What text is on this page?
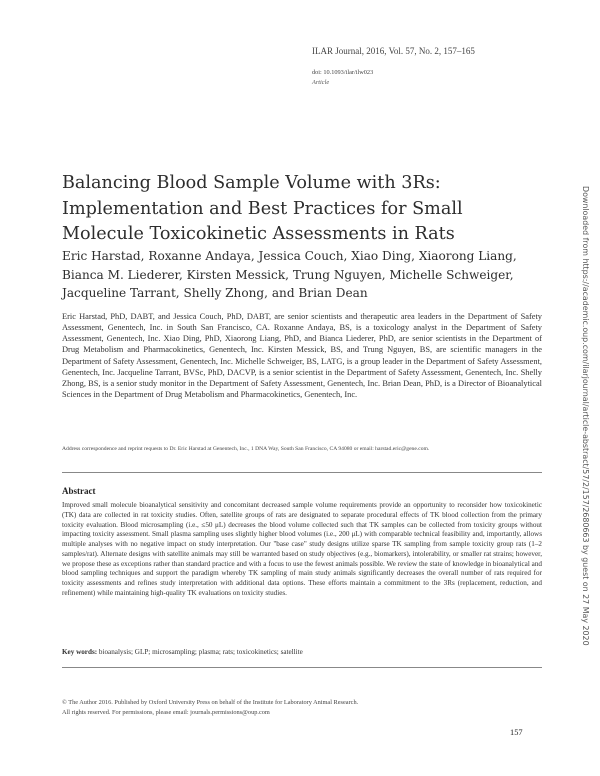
ILAR Journal, 2016, Vol. 57, No. 2, 157–165
doi: 10.1093/ilar/ilw023
Article
Balancing Blood Sample Volume with 3Rs: Implementation and Best Practices for Small Molecule Toxicokinetic Assessments in Rats
Eric Harstad, Roxanne Andaya, Jessica Couch, Xiao Ding, Xiaorong Liang, Bianca M. Liederer, Kirsten Messick, Trung Nguyen, Michelle Schweiger, Jacqueline Tarrant, Shelly Zhong, and Brian Dean
Eric Harstad, PhD, DABT, and Jessica Couch, PhD, DABT, are senior scientists and therapeutic area leaders in the Department of Safety Assessment, Genentech, Inc. in South San Francisco, CA. Roxanne Andaya, BS, is a toxicology analyst in the Department of Safety Assessment, Genentech, Inc. Xiao Ding, PhD, Xiaorong Liang, PhD, and Bianca Liederer, PhD, are senior scientists in the Department of Drug Metabolism and Pharmacokinetics, Genentech, Inc. Kirsten Messick, BS, and Trung Nguyen, BS, are scientific managers in the Department of Safety Assessment, Genentech, Inc. Michelle Schweiger, BS, LATG, is a group leader in the Department of Safety Assessment, Genentech, Inc. Jacqueline Tarrant, BVSc, PhD, DACVP, is a senior scientist in the Department of Safety Assessment, Genentech, Inc. Shelly Zhong, BS, is a senior study monitor in the Department of Safety Assessment, Genentech, Inc. Brian Dean, PhD, is a Director of Bioanalytical Sciences in the Department of Drug Metabolism and Pharmacokinetics, Genentech, Inc.
Address correspondence and reprint requests to Dr. Eric Harstad at Genentech, Inc., 1 DNA Way, South San Francisco, CA 94080 or email: harstad.eric@gene.com.
Abstract
Improved small molecule bioanalytical sensitivity and concomitant decreased sample volume requirements provide an opportunity to reconsider how toxicokinetic (TK) data are collected in rat toxicity studies. Often, satellite groups of rats are designated to separate procedural effects of TK blood collection from the primary toxicity evaluation. Blood microsampling (i.e., ≤50 μL) decreases the blood volume collected such that TK samples can be collected from toxicity groups without impacting toxicity assessment. Small plasma sampling uses slightly higher blood volumes (i.e., 200 μL) with comparable technical feasibility and, importantly, allows multiple analyses with no negative impact on study interpretation. Our "base case" study designs utilize sparse TK sampling from sample toxicity group rats (1–2 samples/rat). Alternate designs with satellite animals may still be warranted based on study objectives (e.g., biomarkers), intolerability, or smaller rat strains; however, we propose these as exceptions rather than standard practice and with a focus to use the fewest animals possible. We review the state of knowledge in bioanalytical and blood sampling techniques and support the paradigm whereby TK sampling of main study animals significantly decreases the overall number of rats required for toxicity assessments and refines study interpretation with additional data options. These efforts maintain a commitment to the 3Rs (replacement, reduction, and refinement) while maintaining high-quality TK evaluations on toxicity studies.
Key words: bioanalysis; GLP; microsampling; plasma; rats; toxicokinetics; satellite
© The Author 2016. Published by Oxford University Press on behalf of the Institute for Laboratory Animal Research.
All rights reserved. For permissions, please email: journals.permissions@oup.com
157
Downloaded from https://academic.oup.com/ilarjournal/article-abstract/57/2/157/2680663 by guest on 27 May 2020
